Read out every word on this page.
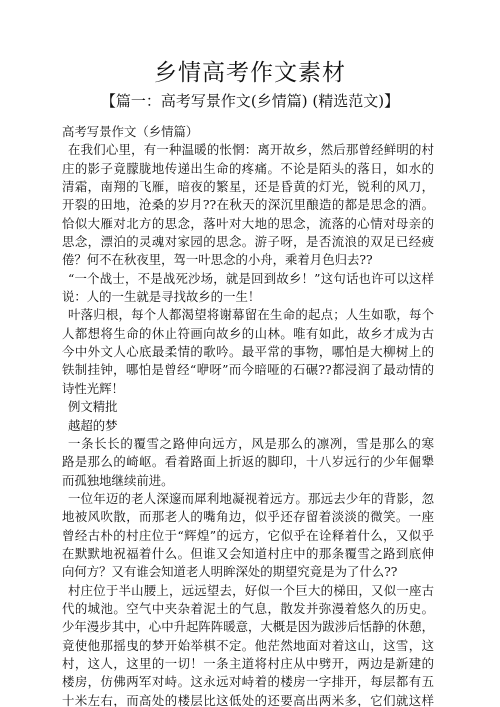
乡情高考作文素材
【篇一：高考写景作文(乡情篇) (精选范文)】

高考写景作文（乡情篇）

在我们心里，有一种温暖的怅惘：离开故乡，然后那曾经鲜明的村

庄的影子竟朦胧地传递出生命的疼痛。不论是陌头的落日，如水的

清霜，南翔的飞雁，暗夜的繁星，还是昏黄的灯光，锐利的风刀，

开裂的田地，沧桑的岁月??在秋天的深沉里酿造的都是思念的酒。

恰似大雁对北方的思念，落叶对大地的思念，流落的心情对母亲的

思念，漂泊的灵魂对家园的思念。游子呀，是否流浪的双足已经疲

倦？何不在秋夜里，驾一叶思念的小舟，乘着月色归去??

“一个战士，不是战死沙场，就是回到故乡！”这句话也许可以这样

说：人的一生就是寻找故乡的一生！

叶落归根，每个人都渴望将谢幕留在生命的起点；人生如歌，每个

人都想将生命的休止符画向故乡的山林。唯有如此，故乡才成为古

今中外文人心底最柔情的歌吟。最平常的事物，哪怕是大柳树上的

铁制挂钟，哪怕是曾经“咿呀”而今暗哑的石碾??都浸润了最动情的

诗性光辉！

例文精批

越超的梦

一条长长的覆雪之路伸向远方，风是那么的凛冽，雪是那么的寒

路是那么的崎岖。看着路面上折返的脚印，十八岁远行的少年倔犟

而孤独地继续前进。

一位年迈的老人深邃而犀利地凝视着远方。那远去少年的背影，忽

地被风吹散，而那老人的嘴角边，似乎还存留着淡淡的微笑。一座

曾经古朴的村庄位于“辉煌”的远方，它似乎在诠释着什么，又似乎

在默默地祝福着什么。但谁又会知道村庄中的那条覆雪之路到底伸

向何方？又有谁会知道老人明眸深处的期望究竟是为了什么??

村庄位于半山腰上，远远望去，好似一个巨大的梯田，又似一座古

代的城池。空气中夹杂着泥土的气息，散发并弥漫着悠久的历史。

少年漫步其中，心中升起阵阵暖意，大概是因为跋涉后恬静的休憩，

竟使他那摇曳的梦开始举棋不定。他茫然地面对着这山，这雪，这

村，这人，这里的一切！一条主道将村庄从中劈开，两边是新建的

楼房，仿佛两军对峙。这永远对峙着的楼房一字排开，每层都有五

十米左右，而高处的楼层比这低处的还要高出两米多，它们就这样
